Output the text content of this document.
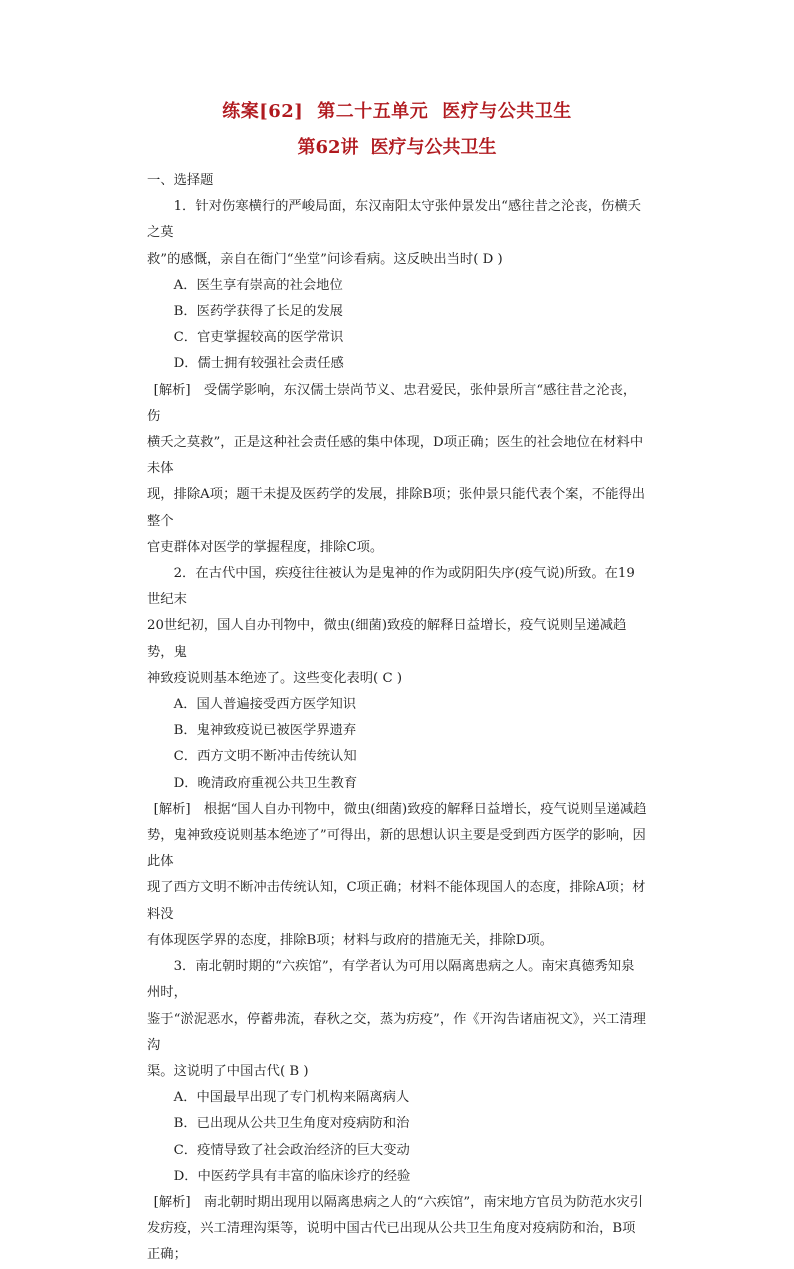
练案[62] 第二十五单元 医疗与公共卫生
第62讲 医疗与公共卫生

一、选择题

1．针对伤寒横行的严峻局面，东汉南阳太守张仲景发出“感往昔之沦丧，伤横夭之莫

救”的感慨，亲自在衙门“坐堂”问诊看病。这反映出当时( D )

A．医生享有崇高的社会地位

B．医药学获得了长足的发展

C．官吏掌握较高的医学常识

D．儒士拥有较强社会责任感

[解析]　受儒学影响，东汉儒士崇尚节义、忠君爱民，张仲景所言“感往昔之沦丧，伤

横夭之莫救”，正是这种社会责任感的集中体现，D项正确；医生的社会地位在材料中未体

现，排除A项；题干未提及医药学的发展，排除B项；张仲景只能代表个案，不能得出整个

官吏群体对医学的掌握程度，排除C项。

2．在古代中国，疾疫往往被认为是鬼神的作为或阴阳失序(疫气说)所致。在19世纪末

20世纪初，国人自办刊物中，微虫(细菌)致疫的解释日益增长，疫气说则呈递减趋势，鬼

神致疫说则基本绝迹了。这些变化表明( C )

A．国人普遍接受西方医学知识

B．鬼神致疫说已被医学界遗弃

C．西方文明不断冲击传统认知

D．晚清政府重视公共卫生教育

[解析]　根据“国人自办刊物中，微虫(细菌)致疫的解释日益增长，疫气说则呈递减趋

势，鬼神致疫说则基本绝迹了”可得出，新的思想认识主要是受到西方医学的影响，因此体

现了西方文明不断冲击传统认知，C项正确；材料不能体现国人的态度，排除A项；材料没

有体现医学界的态度，排除B项；材料与政府的措施无关，排除D项。

3．南北朝时期的“六疾馆”，有学者认为可用以隔离患病之人。南宋真德秀知泉州时，

鉴于“淤泥恶水，停蓄弗流，春秋之交，蒸为疠疫”，作《开沟告诸庙祝文》，兴工清理沟

渠。这说明了中国古代( B )

A．中国最早出现了专门机构来隔离病人

B．已出现从公共卫生角度对疫病防和治

C．疫情导致了社会政治经济的巨大变动

D．中医药学具有丰富的临床诊疗的经验

[解析]　南北朝时期出现用以隔离患病之人的“六疾馆”，南宋地方官员为防范水灾引

发疠疫，兴工清理沟渠等，说明中国古代已出现从公共卫生角度对疫病防和治，B项正确；
